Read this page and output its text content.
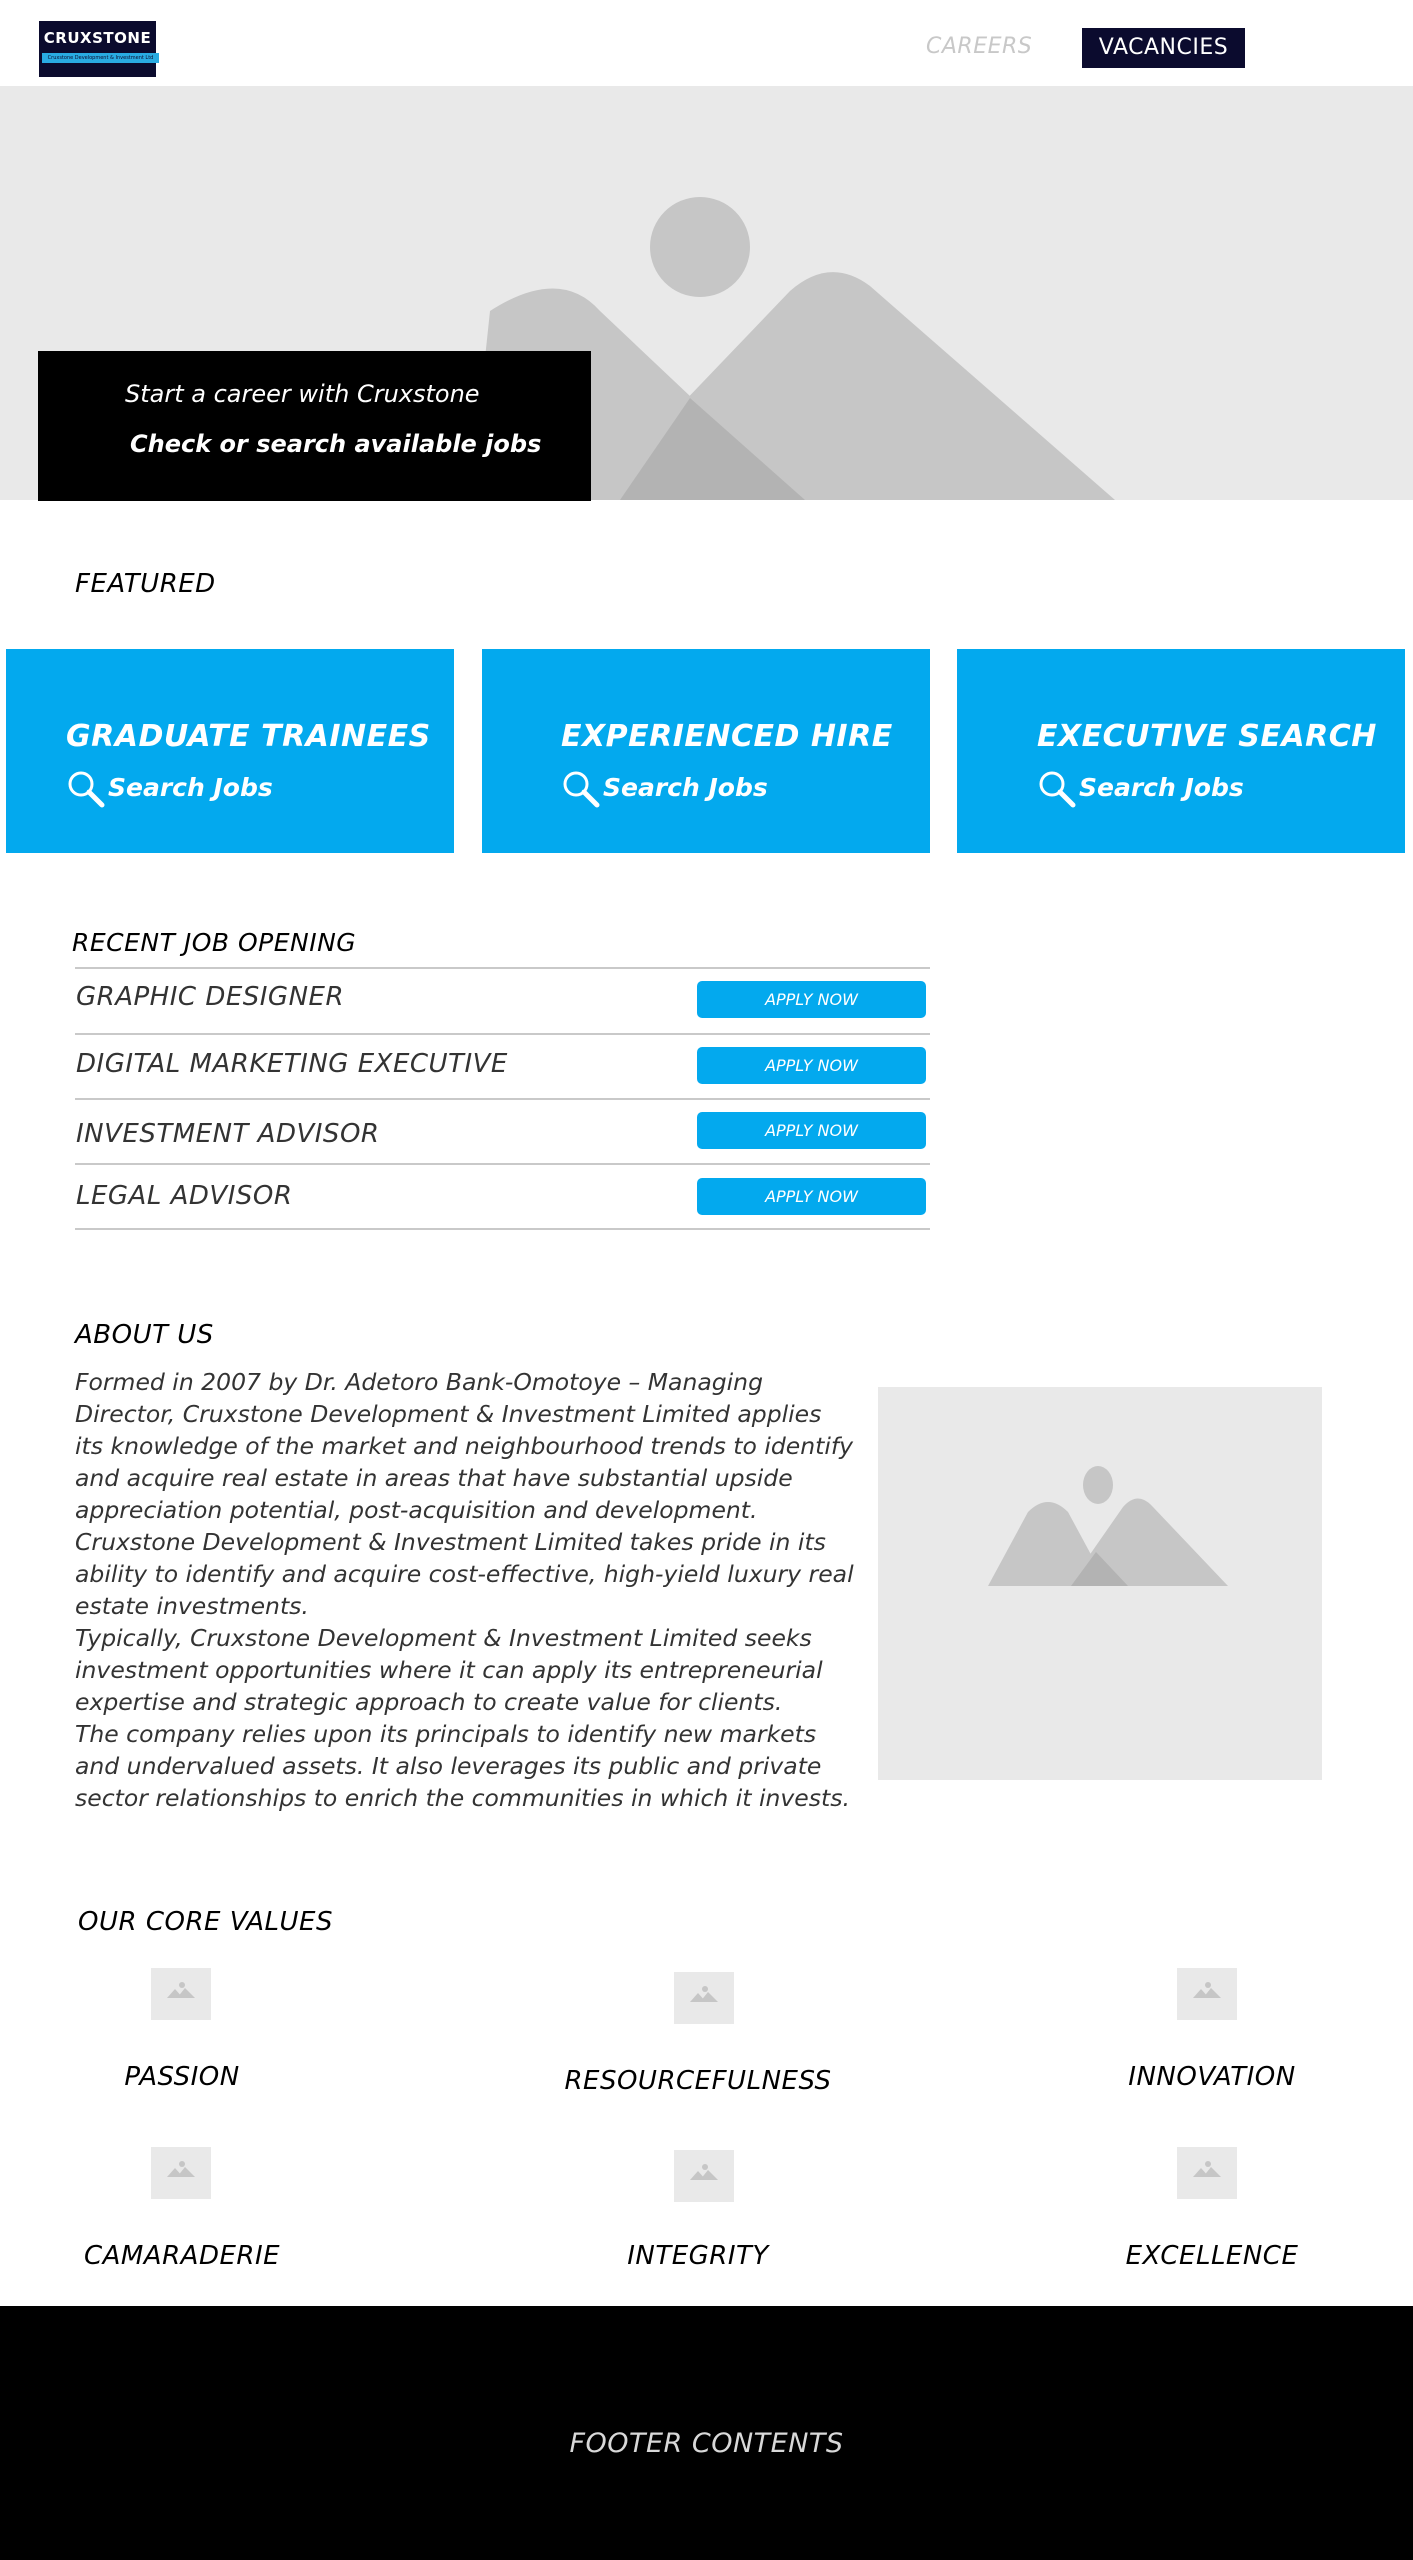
CRUXSTONE
Cruxstone Development & Investment Ltd	CAREERS	VACANCIES
Start a career with Cruxstone
Check or search available jobs
FEATURED
GRADUATE TRAINEES
Search Jobs
EXPERIENCED HIRE
Search Jobs
EXECUTIVE SEARCH
Search Jobs
RECENT JOB OPENING
GRAPHIC DESIGNER	APPLY NOW
DIGITAL MARKETING EXECUTIVE	APPLY NOW
INVESTMENT ADVISOR	APPLY NOW
LEGAL ADVISOR	APPLY NOW
ABOUT US

Formed in 2007 by Dr. Adetoro Bank-Omotoye – Managing Director, Cruxstone Development & Investment Limited applies its knowledge of the market and neighbourhood trends to identify and acquire real estate in areas that have substantial upside appreciation potential, post-acquisition and development.

Cruxstone Development & Investment Limited takes pride in its ability to identify and acquire cost-effective, high-yield luxury real estate investments.

Typically, Cruxstone Development & Investment Limited seeks investment opportunities where it can apply its entrepreneurial expertise and strategic approach to create value for clients.

The company relies upon its principals to identify new markets and undervalued assets. It also leverages its public and private sector relationships to enrich the communities in which it invests.

OUR CORE VALUES
PASSION	RESOURCEFULNESS	INNOVATION
CAMARADERIE	INTEGRITY	EXCELLENCE
FOOTER CONTENTS
